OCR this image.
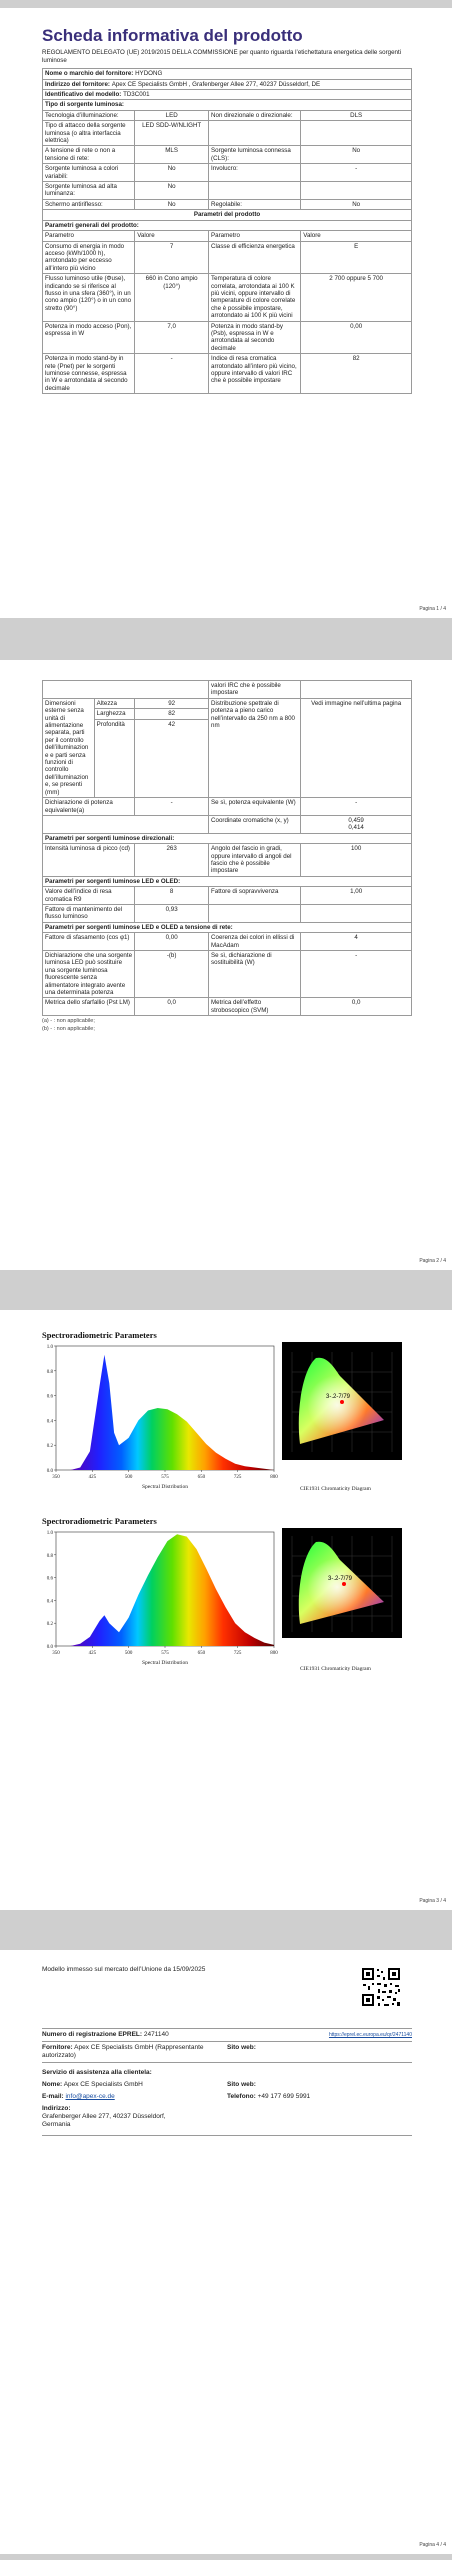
Scheda informativa del prodotto
REGOLAMENTO DELEGATO (UE) 2019/2015 DELLA COMMISSIONE per quanto riguarda l’etichettatura energetica delle sorgenti luminose
Nome o marchio del fornitore: HYDONG			
Indirizzo del fornitore: Apex CE Specialists GmbH , Grafenberger Allee 277, 40237 Düsseldorf, DE			
Identificativo del modello: TD3C001			
Tipo di sorgente luminosa:			
Tecnologia d’illuminazione:	LED	Non direzionale o direzionale:	DLS
Tipo di attacco della sorgente luminosa (o altra interfaccia elettrica)	LED SDD-W/NLIGHT		
A tensione di rete o non a tensione di rete:	MLS	Sorgente luminosa connessa (CLS):	No
Sorgente luminosa a colori variabili:	No	Involucro:	-
Sorgente luminosa ad alta luminanza:	No		
Schermo antiriflesso:	No	Regolabile:	No
Parametri del prodotto			
Parametri generali del prodotto:			
Parametro	Valore	Parametro	Valore
Consumo di energia in modo acceso (kWh/1000 h), arrotondato per eccesso all’intero più vicino	7	Classe di efficienza energetica	E
Flusso luminoso utile (Φuse), indicando se si riferisce al flusso in una sfera (360°), in un cono ampio (120°) o in un cono stretto (90°)	660 in Cono ampio (120°)	Temperatura di colore correlata, arrotondata ai 100 K più vicini, oppure intervallo di temperature di colore correlate che è possibile impostare, arrotondato ai 100 K più vicini	2 700 oppure 5 700
Potenza in modo acceso (Pon), espressa in W	7,0	Potenza in modo stand-by (Psb), espressa in W e arrotondata al secondo decimale	0,00
Potenza in modo stand-by in rete (Pnet) per le sorgenti luminose connesse, espressa in W e arrotondata al secondo decimale	-	Indice di resa cromatica arrotondato all’intero più vicino, oppure intervallo di valori IRC che è possibile impostare	82
Pagina 1 / 4
			valori IRC che è possibile impostare	
Dimensioni esterne senza unità di alimentazione separata, parti per il controllo dell’illuminazione e parti senza funzioni di controllo dell’illuminazione, se presenti (mm)	Altezza	92	Distribuzione spettrale di potenza a pieno carico nell’intervallo da 250 nm a 800 nm	Vedi immagine nell’ultima pagina
	Larghezza	82		
	Profondità	42		
Dichiarazione di potenza equivalente(a)		-	Se sì, potenza equivalente (W)	-
			Coordinate cromatiche (x, y)	0,459
0,414
Parametri per sorgenti luminose direzionali:				
Intensità luminosa di picco (cd)		263	Angolo del fascio in gradi, oppure intervallo di angoli del fascio che è possibile impostare	100
Parametri per sorgenti luminose LED e OLED:				
Valore dell’indice di resa cromatica R9		8	Fattore di sopravvivenza	1,00
Fattore di mantenimento del flusso luminoso		0,93		
Parametri per sorgenti luminose LED e OLED a tensione di rete:				
Fattore di sfasamento (cos φ1)		0,00	Coerenza dei colori in ellissi di MacAdam	4
Dichiarazione che una sorgente luminosa LED può sostituire una sorgente luminosa fluorescente senza alimentatore integrato avente una determinata potenza		-(b)	Se sì, dichiarazione di sostituibilità (W)	-
Metrica dello sfarfallio (Pst LM)		0,0	Metrica dell’effetto stroboscopico (SVM)	0,0
(a) - : non applicabile;
(b) - : non applicabile;
Pagina 2 / 4
Spectroradiometric Parameters
0.0
0.2
0.4
0.6
0.8
1.0
350	425	500	575	650	725	800
Spectral Distribution
3-.2-7/79
CIE1931 Chromaticity Diagram
Spectroradiometric Parameters
0.0
0.2
0.4
0.6
0.8
1.0
350	425	500	575	650	725	800
Spectral Distribution
3-.2-7/79
CIE1931 Chromaticity Diagram
Pagina 3 / 4
Modello immesso sul mercato dell’Unione da 15/09/2025	
Numero di registrazione EPREL: 2471140	https://eprel.ec.europa.eu/qr/2471140
Fornitore: Apex CE Specialists GmbH (Rappresentante autorizzato)	Sito web:
Servizio di assistenza alla clientela:	
Nome: Apex CE Specialists GmbH	Sito web:
E-mail: info@apex-ce.de	Telefono: +49 177 699 5991
Indirizzo:
Grafenberger Allee 277, 40237 Düsseldorf,
Germania	
Pagina 4 / 4
